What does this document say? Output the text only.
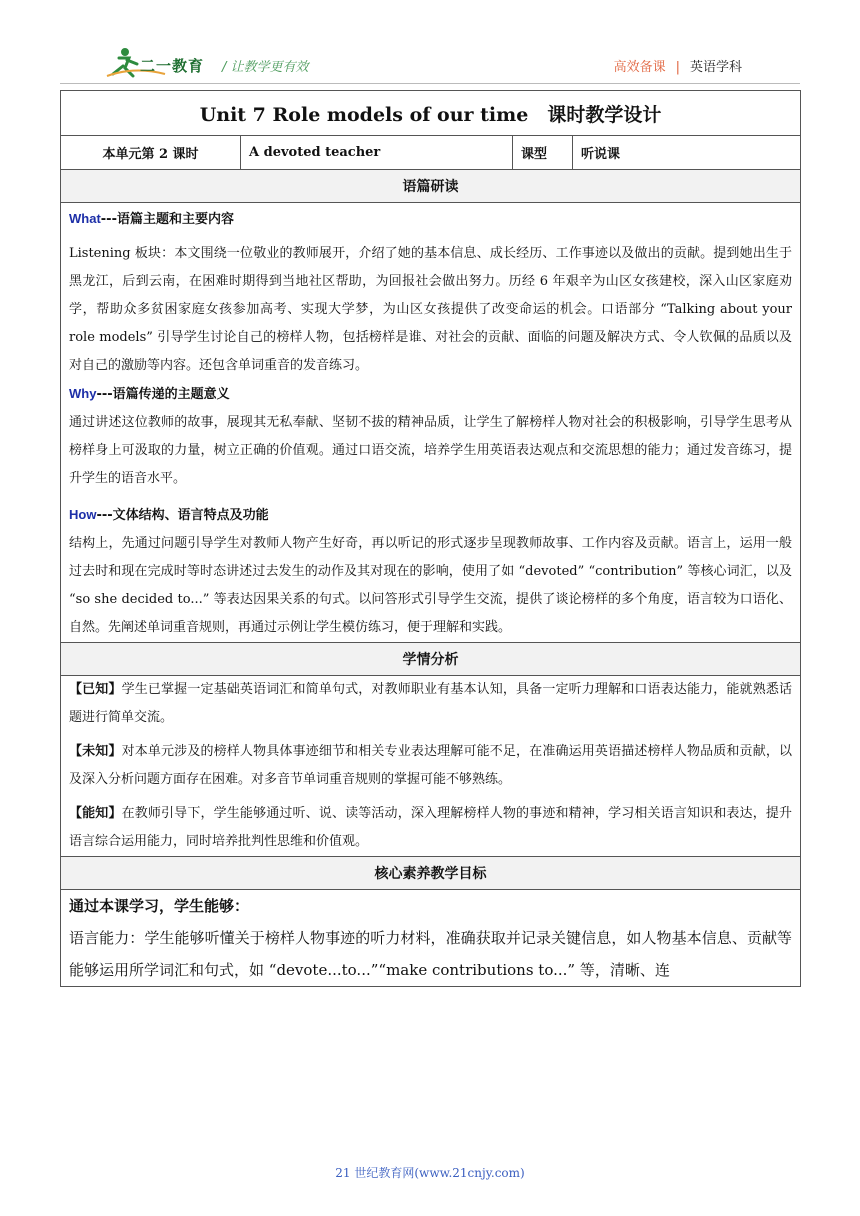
二一教育 / 让教学更有效	高效备课 | 英语学科
Unit 7 Role models of our time　课时教学设计
本单元第 2 课时	A devoted teacher	课型	听说课
语篇研读

What---语篇主题和主要内容

Listening 板块：本文围绕一位敬业的教师展开，介绍了她的基本信息、成长经历、工作事迹以及做出的贡献。提到她出生于黑龙江，后到云南，在困难时期得到当地社区帮助，为回报社会做出努力。历经 6 年艰辛为山区女孩建校，深入山区家庭劝学，帮助众多贫困家庭女孩参加高考、实现大学梦，为山区女孩提供了改变命运的机会。口语部分 “Talking about your role models” 引导学生讨论自己的榜样人物，包括榜样是谁、对社会的贡献、面临的问题及解决方式、令人钦佩的品质以及对自己的激励等内容。还包含单词重音的发音练习。

Why---语篇传递的主题意义

通过讲述这位教师的故事，展现其无私奉献、坚韧不拔的精神品质，让学生了解榜样人物对社会的积极影响，引导学生思考从榜样身上可汲取的力量，树立正确的价值观。通过口语交流，培养学生用英语表达观点和交流思想的能力；通过发音练习，提升学生的语音水平。

How---文体结构、语言特点及功能

结构上，先通过问题引导学生对教师人物产生好奇，再以听记的形式逐步呈现教师故事、工作内容及贡献。语言上，运用一般过去时和现在完成时等时态讲述过去发生的动作及其对现在的影响，使用了如 “devoted” “contribution” 等核心词汇，以及 “so she decided to...” 等表达因果关系的句式。以问答形式引导学生交流，提供了谈论榜样的多个角度，语言较为口语化、自然。先阐述单词重音规则，再通过示例让学生模仿练习，便于理解和实践。

学情分析

【已知】学生已掌握一定基础英语词汇和简单句式，对教师职业有基本认知，具备一定听力理解和口语表达能力，能就熟悉话题进行简单交流。

【未知】对本单元涉及的榜样人物具体事迹细节和相关专业表达理解可能不足，在准确运用英语描述榜样人物品质和贡献，以及深入分析问题方面存在困难。对多音节单词重音规则的掌握可能不够熟练。

【能知】在教师引导下，学生能够通过听、说、读等活动，深入理解榜样人物的事迹和精神，学习相关语言知识和表达，提升语言综合运用能力，同时培养批判性思维和价值观。

核心素养教学目标

通过本课学习，学生能够：

语言能力：学生能够听懂关于榜样人物事迹的听力材料，准确获取并记录关键信息，如人物基本信息、贡献等能够运用所学词汇和句式，如 “devote...to...”“make contributions to...” 等，清晰、连

21 世纪教育网(www.21cnjy.com)
